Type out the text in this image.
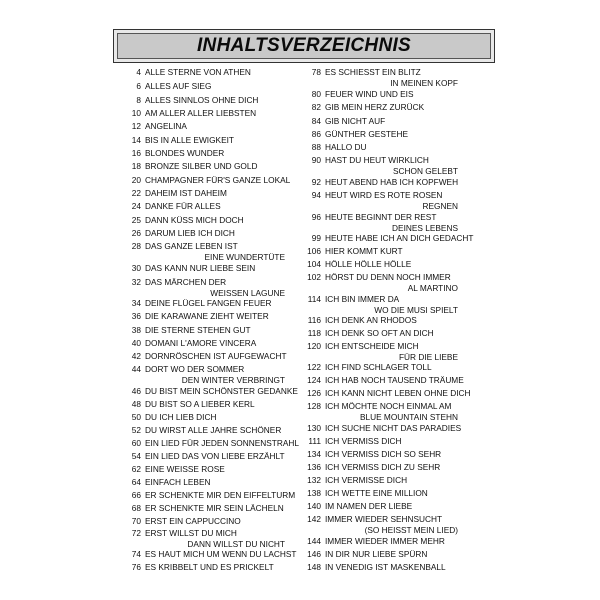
INHALTSVERZEICHNIS
4 ALLE STERNE VON ATHEN
6 ALLES AUF SIEG
8 ALLES SINNLOS OHNE DICH
10 AM ALLER ALLER LIEBSTEN
12 ANGELINA
14 BIS IN ALLE EWIGKEIT
16 BLONDES WUNDER
18 BRONZE SILBER UND GOLD
20 CHAMPAGNER FÜR'S GANZE LOKAL
22 DAHEIM IST DAHEIM
24 DANKE FÜR ALLES
25 DANN KÜSS MICH DOCH
26 DARUM LIEB ICH DICH
28 DAS GANZE LEBEN IST
EINE WUNDERTÜTE
30 DAS KANN NUR LIEBE SEIN
32 DAS MÄRCHEN DER
WEISSEN LAGUNE
34 DEINE FLÜGEL FANGEN FEUER
36 DIE KARAWANE ZIEHT WEITER
38 DIE STERNE STEHEN GUT
40 DOMANI L'AMORE VINCERA
42 DORNRÖSCHEN IST AUFGEWACHT
44 DORT WO DER SOMMER
DEN WINTER VERBRINGT
46 DU BIST MEIN SCHÖNSTER GEDANKE
48 DU BIST SO A LIEBER KERL
50 DU ICH LIEB DICH
52 DU WIRST ALLE JAHRE SCHÖNER
60 EIN LIED FÜR JEDEN SONNENSTRAHL
54 EIN LIED DAS VON LIEBE ERZÄHLT
62 EINE WEISSE ROSE
64 EINFACH LEBEN
66 ER SCHENKTE MIR DEN EIFFELTURM
68 ER SCHENKTE MIR SEIN LÄCHELN
70 ERST EIN CAPPUCCINO
72 ERST WILLST DU MICH
DANN WILLST DU NICHT
74 ES HAUT MICH UM WENN DU LACHST
76 ES KRIBBELT UND ES PRICKELT
78 ES SCHIESST EIN BLITZ
IN MEINEN KOPF
80 FEUER WIND UND EIS
82 GIB MEIN HERZ ZURÜCK
84 GIB NICHT AUF
86 GÜNTHER GESTEHE
88 HALLO DU
90 HAST DU HEUT WIRKLICH
SCHON GELEBT
92 HEUT ABEND HAB ICH KOPFWEH
94 HEUT WIRD ES ROTE ROSEN
REGNEN
96 HEUTE BEGINNT DER REST
DEINES LEBENS
99 HEUTE HABE ICH AN DICH GEDACHT
106 HIER KOMMT KURT
104 HÖLLE HÖLLE HÖLLE
102 HÖRST DU DENN NOCH IMMER
AL MARTINO
114 ICH BIN IMMER DA
WO DIE MUSI SPIELT
116 ICH DENK AN RHODOS
118 ICH DENK SO OFT AN DICH
120 ICH ENTSCHEIDE MICH
FÜR DIE LIEBE
122 ICH FIND SCHLAGER TOLL
124 ICH HAB NOCH TAUSEND TRÄUME
126 ICH KANN NICHT LEBEN OHNE DICH
128 ICH MÖCHTE NOCH EINMAL AM
BLUE MOUNTAIN STEHN
130 ICH SUCHE NICHT DAS PARADIES
111 ICH VERMISS DICH
134 ICH VERMISS DICH SO SEHR
136 ICH VERMISS DICH ZU SEHR
132 ICH VERMISSE DICH
138 ICH WETTE EINE MILLION
140 IM NAMEN DER LIEBE
142 IMMER WIEDER SEHNSUCHT
(SO HEISST MEIN LIED)
144 IMMER WIEDER IMMER MEHR
146 IN DIR NUR LIEBE SPÜRN
148 IN VENEDIG IST MASKENBALL
